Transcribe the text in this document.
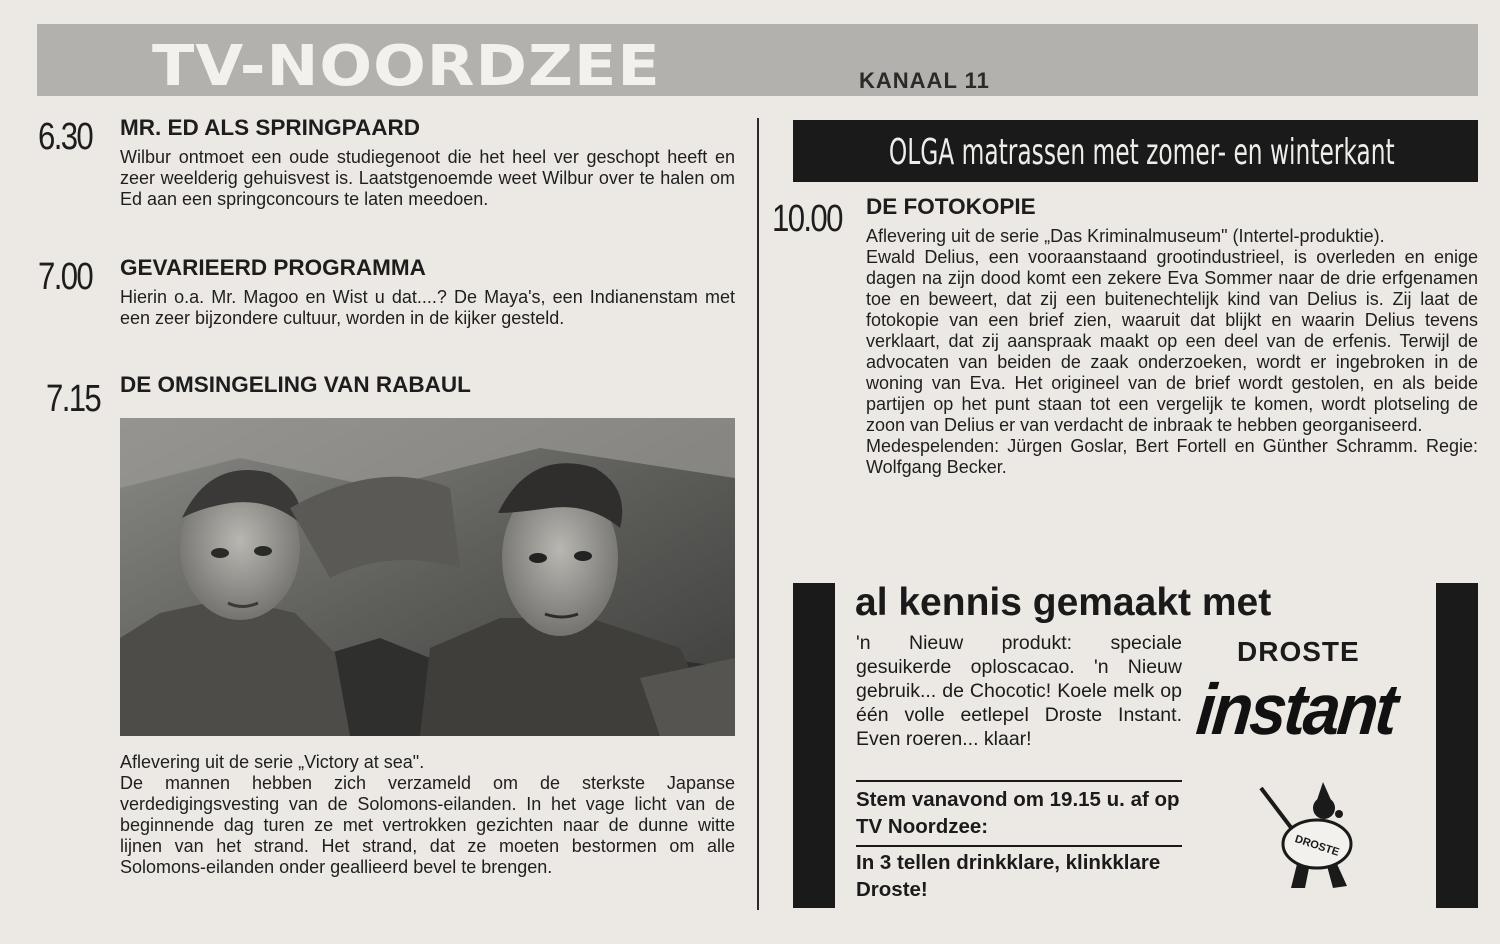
TV-NOORDZEE	KANAAL 11
6.30 MR. ED ALS SPRINGPAARD
Wilbur ontmoet een oude studiegenoot die het heel ver geschopt heeft en zeer weelderig gehuisvest is. Laatstgenoemde weet Wilbur over te halen om Ed aan een springconcours te laten meedoen.
7.00 GEVARIEERD PROGRAMMA
Hierin o.a. Mr. Magoo en Wist u dat....? De Maya's, een Indianenstam met een zeer bijzondere cultuur, worden in de kijker gesteld.
7.15 DE OMSINGELING VAN RABAUL
Aflevering uit de serie „Victory at sea".
De mannen hebben zich verzameld om de sterkste Japanse verdedigingsvesting van de Solomons-eilanden. In het vage licht van de beginnende dag turen ze met vertrokken gezichten naar de dunne witte lijnen van het strand. Het strand, dat ze moeten bestormen om alle Solomons-eilanden onder geallieerd bevel te brengen.
OLGA matrassen met zomer- en winterkant
10.00 DE FOTOKOPIE

Aflevering uit de serie „Das Kriminalmuseum" (Intertel-produktie).

Ewald Delius, een vooraanstaand grootindustrieel, is overleden en enige dagen na zijn dood komt een zekere Eva Sommer naar de drie erfgenamen toe en beweert, dat zij een buitenechtelijk kind van Delius is. Zij laat de fotokopie van een brief zien, waaruit dat blijkt en waarin Delius tevens verklaart, dat zij aanspraak maakt op een deel van de erfenis. Terwijl de advocaten van beiden de zaak onderzoeken, wordt er ingebroken in de woning van Eva. Het origineel van de brief wordt gestolen, en als beide partijen op het punt staan tot een vergelijk te komen, wordt plotseling de zoon van Delius er van verdacht de inbraak te hebben georganiseerd.

Medespelenden: Jürgen Goslar, Bert Fortell en Günther Schramm. Regie: Wolfgang Becker.

al kennis gemaakt met
'n Nieuw produkt: speciale gesuikerde oploscacao. 'n Nieuw gebruik... de Chocotic! Koele melk op één volle eetlepel Droste Instant. Even roeren... klaar!
Stem vanavond om 19.15 u. af op TV Noordzee:
In 3 tellen drinkklare, klinkklare Droste!
DROSTE
instant
DROSTE
